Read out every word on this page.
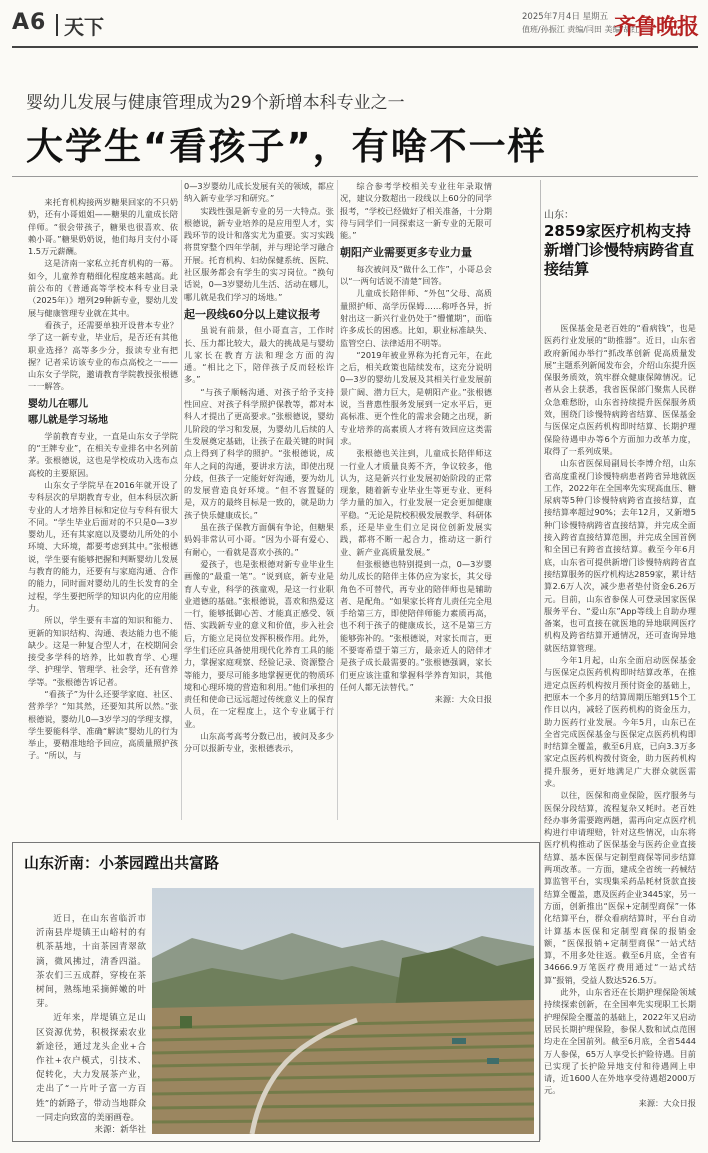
A6 天下	2025年7月4日 星期五
值班/孙振江 责编/闫田 美编/胡红
齐鲁晚报
婴幼儿发展与健康管理成为29个新增本科专业之一
大学生“看孩子”，有啥不一样

来托育机构接两岁糖果回家的不只奶奶，还有小哥姐姐——糖果的儿童成长陪伴师。“很会带孩子，糖果也很喜欢、依赖小哥。”糖果奶奶说，他们每月支付小哥1.5万元薪酬。

这是济南一家私立托育机构的一幕。如今，儿童养育精细化程度越来越高。此前公布的《普通高等学校本科专业目录（2025年）》增列29种新专业，婴幼儿发展与健康管理专业就在其中。

看孩子，还需要单独开设普本专业？学了这一新专业，毕业后，是否还有其他职业选择？高等多少分，报读专业有把握？记者采访该专业的布点高校之一——山东女子学院，邀请教育学院教授张根德一一解答。

婴幼儿在哪儿

哪儿就是学习场地

学前教育专业，一直是山东女子学院的“王牌专业”，在相关专业排名中名列前茅。张根德说，这也是学校成功入选布点高校的主要原因。

山东女子学院早在2016年就开设了专科层次的早期教育专业，但本科层次新专业的人才培养目标和定位与专科有很大不同。“学生毕业后面对的不只是0—3岁婴幼儿，还有其家庭以及婴幼儿所处的小环境、大环境，都要考虑到其中。”张根德说，学生要有能够把握和判断婴幼儿发展与教育的能力，还要有与家庭沟通、合作的能力，同时面对婴幼儿的生长发育的全过程，学生要把所学的知识内化的应用能力。

所以，学生要有丰富的知识和能力、更新的知识结构、沟通、表达能力也不能缺少。这是一种复合型人才，在校期间会接受多学科的培养，比如教育学、心理学、护理学、管理学、社会学，还有营养学等。“张根德告诉记者。

“看孩子”为什么还要学家庭、社区、营养学？“知其然，还要知其所以然。”张根德说，婴幼儿0—3岁学习的学理支撑，学生要能科学、准确“解读”婴幼儿的行为举止，要精准地给予回应，高质量照护孩子。“所以，与

0—3岁婴幼儿成长发展有关的领域，都应纳入新专业学习和研究。”

实践性强是新专业的另一大特点。张根德说，新专业培养的是应用型人才，实践环节的设计和落实尤为重要。实习实践将贯穿整个四年学制，并与理论学习融合开展。托育机构、妇幼保健系统、医院、社区服务都会有学生的实习岗位。“换句话说，0—3岁婴幼儿生活、活动在哪儿，哪儿就是我们学习的场地。”

起一段线60分以上建议报考

虽说有前景，但小哥直言，工作时长、压力都比较大，最大的挑战是与婴幼儿家长在教育方法和理念方面的沟通。“相比之下，陪伴孩子反而轻松许多。”

“与孩子顺畅沟通、对孩子给予支持性回应、对孩子科学照护保教等，都对本科人才提出了更高要求。”张根德说，婴幼儿阶段的学习和发展，为婴幼儿后续的人生发展奠定基础，让孩子在最关键的时间点上得到了科学的照护。“张根德说，成年人之间的沟通，要讲求方法，即使出现分歧，但孩子一定能好好沟通，要为幼儿的发展营造良好环境。“但不容置疑的是，双方的最终目标是一致的，就是助力孩子快乐健康成长。”

虽在孩子保教方面偶有争论，但糖果妈妈非常认可小哥。“因为小哥有爱心、有耐心，一看就是喜欢小孩的。”

爱孩子，也是张根德对新专业毕业生画像的“最重一笔”。“说到底，新专业是育人专业，科学的孩童观，是这一行业职业道德的基础。”张根德说，喜欢和热爱这一行，能够抵御心苦、才能真正感受、领悟、实践新专业的意义和价值，步入社会后，方能立足岗位发挥积极作用。此外，学生们还应具备使用现代化养育工具的能力，掌握家庭观察、经验记录、资源整合等能力，要尽可能多地掌握更优的物质环境和心理环境的营造和利用。”他们承担的责任和使命已远远超过传统意义上的保育人员，在一定程度上，这个专业属于行业。

山东高考高考分数已出，被问及多少分可以报新专业，张根德表示，

综合参考学校相关专业往年录取情况，建议分数超出一段线以上60分的同学报考，“学校已经做好了相关准备，十分期待与同学们一同探索这一新专业的无限可能。”

朝阳产业需要更多专业力量

每次被问及“做什么工作”，小哥总会以“一两句话说不清楚”回答。

儿童成长陪伴师、“外包”父母、高质量照护师、高学历保姆……称呼各异，折射出这一新兴行业仍处于“懵懂期”，面临许多成长的困惑。比如，职业标准缺失、监管空白、法律适用不明等。

“2019年被业界称为托育元年，在此之后，相关政策也陆续发布，这充分说明0—3岁的婴幼儿发展及其相关行业发展前景广阔、潜力巨大，是朝阳产业。”张根德说，当普惠性服务发展到一定水平后，更高标准、更个性化的需求会随之出现，新专业培养的高素质人才将有效回应这类需求。

张根德也关注到，儿童成长陪伴师这一行业人才质量良莠不齐，争议较多，他认为，这是新兴行业发展初始阶段的正常现象，随着新专业毕业生等更专业、更科学力量的加入，行业发展一定会更加健康平稳。“无论是院校积极发展教学、科研体系，还是毕业生们立足岗位创新发展实践，都将不断一起合力，推动这一新行业、新产业高质量发展。”

但张根德也特别提到一点，0—3岁婴幼儿成长的陪伴主体仍应为家长，其父母角色不可替代，再专业的陪伴师也是辅助者、是配角。“如果家长将育儿责任完全甩手给第三方，即使陪伴师能力素质再高，也不利于孩子的健康成长，这不是第三方能够弥补的。“张根德说，对家长而言，更不要寄希望于第三方，最亲近人的陪伴才是孩子成长最需要的。”张根德强调，家长们更应该注重和掌握科学养育知识，其他任何人都无法替代。”

来源：大众日报

山东：
2859家医疗机构支持新增门诊慢特病跨省直接结算

医保基金是老百姓的“看病钱”，也是医药行业发展的“助推器”。近日，山东省政府新闻办举行“抓改革创新 促高质量发展”主题系列新闻发布会，介绍山东提升医保服务质效，筑牢群众健康保障情况。记者从会上获悉，我省医保部门聚焦人民群众急难愁盼，山东省持续提升医保服务质效，围绕门诊慢特病跨省结算、医保基金与医保定点医药机构即时结算、长期护理保险待遇申办等6个方面加力改革力度，取得了一系列成果。

山东省医保局副局长李博介绍，山东省高度重视门诊慢特病患者跨省异地就医工作，2022年在全国率先实现高血压、糖尿病等5种门诊慢特病跨省直接结算，直接结算率超过90%；去年12月，又新增5种门诊慢特病跨省直接结算，并完成全面接入跨省直接结算范围，并完成全国首例和全国已有跨省直接结算。截至今年6月底，山东省可提供新增门诊慢特病跨省直接结算服务的医疗机构达2859家，累计结算2.6万人次，减少患者垫付资金6.26万元。目前，山东省参保人可登录国家医保服务平台、“爱山东”App等线上自助办理备案，也可直接在就医地的异地联网医疗机构及跨省结算开通情况，还可查询异地就医结算管理。

今年1月起，山东全面启动医保基金与医保定点医药机构即时结算改革，在推进定点医药机构按月预付资金的基础上，把原本一个多月的结算周期压缩到15个工作日以内，减轻了医药机构的资金压力，助力医药行业发展。今年5月，山东已在全省完成医保基金与医保定点医药机构即时结算全覆盖，截至6月底，已向3.3万多家定点医药机构拨付资金，助力医药机构提升服务，更好地满足广大群众就医需求。

以往，医保和商业保险，医疗服务与医保分段结算，流程复杂又耗时。老百姓经办事务需要跑两趟，需再向定点医疗机构进行申请理赔，针对这些情况，山东将医疗机构推动了医保基金与医药企业直接结算、基本医保与定制型商保等同步结算两项改革。一方面，建成全省统一药械结算监管平台，实现集采药品耗材货款直接结算全覆盖，惠及医药企业3445家，另一方面，创新推出“医保+定制型商保”一体化结算平台，群众看病结算时，平台自动计算基本医保和定制型商保的报销金额，“医保报销+定制型商保”一站式结算，不用多处往返。截至6月底，全省有34666.9万笔医疗费用通过“一站式结算”报销，受益人数达526.5万。

此外，山东省还在长期护理保险领域持续探索创新，在全国率先实现职工长期护理保险全覆盖的基础上，2022年又启动居民长期护理保险，参保人数和试点范围均走在全国前列。截至6月底，全省5444万人参保，65万人享受长护险待遇。目前已实现了长护险异地支付和待遇网上申请，近1600人在外地享受待遇超2000万元。

来源：大众日报

山东沂南：小茶园蹚出共富路

近日，在山东省临沂市沂南县岸堤镇王山峪村的有机茶基地，十亩茶园青翠欲滴，微风拂过，清香四溢。茶农们三五成群，穿梭在茶树间，熟练地采摘鲜嫩的叶芽。

近年来，岸堤镇立足山区资源优势，积极探索农业新途径，通过龙头企业+合作社+农户模式，引技术、促转化，大力发展茶产业，走出了“一片叶子富一方百姓”的新路子，带动当地群众一同走向致富的美丽画卷。

来源：新华社
